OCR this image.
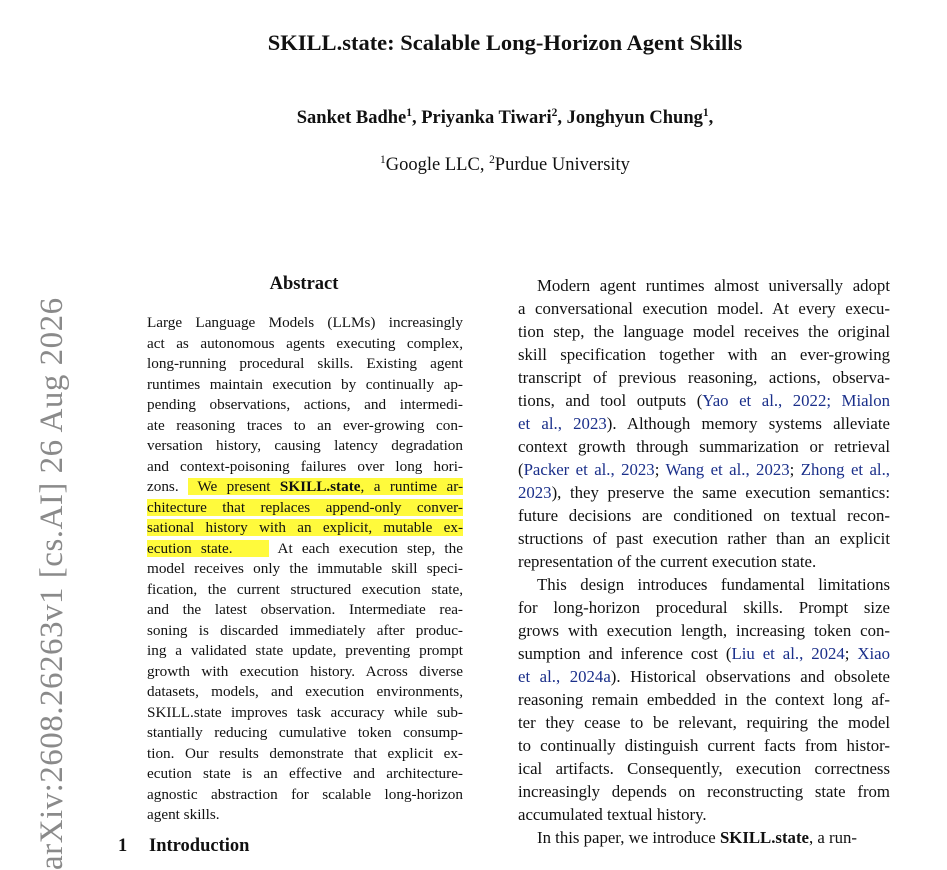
SKILL.state: Scalable Long-Horizon Agent Skills
Sanket Badhe$^1$, Priyanka Tiwari$^2$, Jonghyun Chung$^1$,
$^1$Google LLC, $^2$Purdue University
arXiv:2608.26263v1 [cs.AI] 26 Aug 2026
Abstract
Large Language Models (LLMs) increasingly
act as autonomous agents executing complex,
long-running procedural skills. Existing agent
runtimes maintain execution by continually ap-
pending observations, actions, and intermedi-
ate reasoning traces to an ever-growing con-
versation history, causing latency degradation
and context-poisoning failures over long hori-
zons. We present SKILL.state, a runtime ar-
chitecture that replaces append-only conver-
sational history with an explicit, mutable ex-
ecution state.	At each execution step, the
model receives only the immutable skill speci-
fication, the current structured execution state,
and the latest observation. Intermediate rea-
soning is discarded immediately after produc-
ing a validated state update, preventing prompt
growth with execution history. Across diverse
datasets, models, and execution environments,
SKILL.state improves task accuracy while sub-
stantially reducing cumulative token consump-
tion. Our results demonstrate that explicit ex-
ecution state is an effective and architecture-
agnostic abstraction for scalable long-horizon
agent skills.
1 Introduction
Modern agent runtimes almost universally adopt
a conversational execution model. At every execu-
tion step, the language model receives the original
skill specification together with an ever-growing
transcript of previous reasoning, actions, observa-
tions, and tool outputs (Yao et al., 2022; Mialon
et al., 2023). Although memory systems alleviate
context growth through summarization or retrieval
(Packer et al., 2023; Wang et al., 2023; Zhong et al.,
2023), they preserve the same execution semantics:
future decisions are conditioned on textual recon-
structions of past execution rather than an explicit
representation of the current execution state.
This design introduces fundamental limitations
for long-horizon procedural skills. Prompt size
grows with execution length, increasing token con-
sumption and inference cost (Liu et al., 2024; Xiao
et al., 2024a). Historical observations and obsolete
reasoning remain embedded in the context long af-
ter they cease to be relevant, requiring the model
to continually distinguish current facts from histor-
ical artifacts. Consequently, execution correctness
increasingly depends on reconstructing state from
accumulated textual history.
In this paper, we introduce SKILL.state, a run-
